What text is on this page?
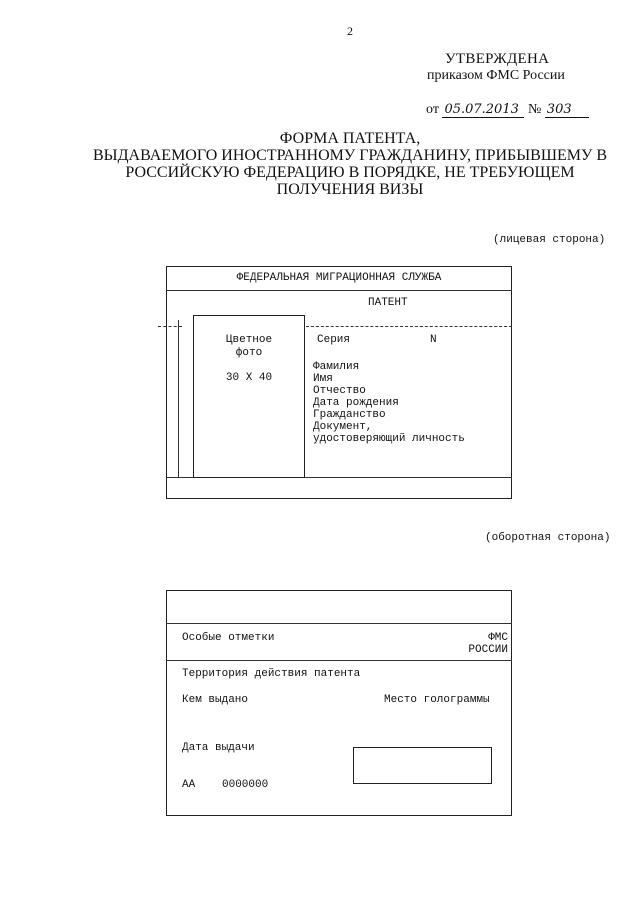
2
УТВЕРЖДЕНА
приказом ФМС России
от 05.07.2013 № 303
ФОРМА ПАТЕНТА,
ВЫДАВАЕМОГО ИНОСТРАННОМУ ГРАЖДАНИНУ, ПРИБЫВШЕМУ В
РОССИЙСКУЮ ФЕДЕРАЦИЮ В ПОРЯДКЕ, НЕ ТРЕБУЮЩЕМ
ПОЛУЧЕНИЯ ВИЗЫ
(лицевая сторона)
ФЕДЕРАЛЬНАЯ МИГРАЦИОННАЯ СЛУЖБА
ПАТЕНТ
Цветное
фото
30 X 40
Серия	N
Фамилия
Имя
Отчество
Дата рождения
Гражданство
Документ,
удостоверяющий личность
(оборотная сторона)
Особые отметки	ФМС
РОССИИ
Территория действия патента
Кем выдано	Место голограммы
Дата выдачи
АА 0000000
